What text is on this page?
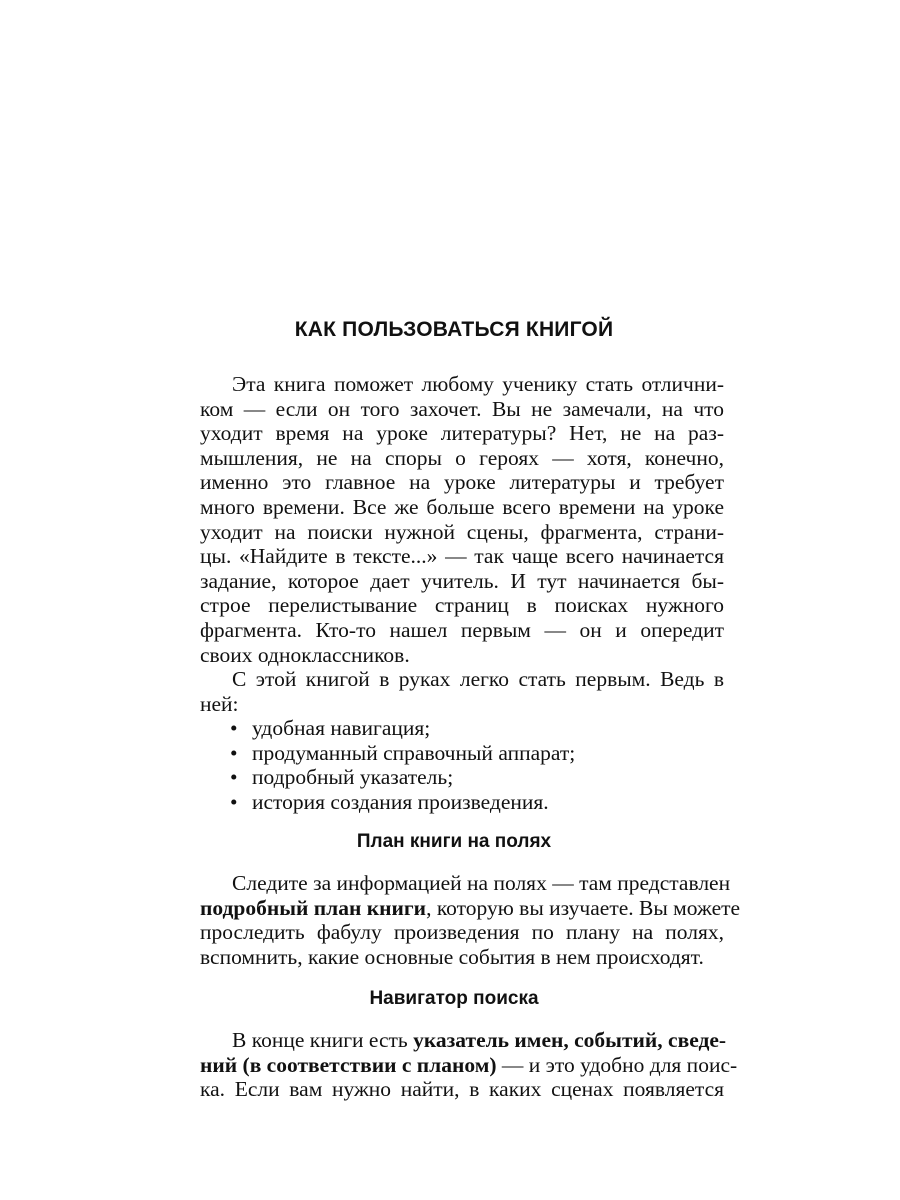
КАК ПОЛЬЗОВАТЬСЯ КНИГОЙ
Эта книга поможет любому ученику стать отлични-
ком — если он того захочет. Вы не замечали, на что
уходит время на уроке литературы? Нет, не на раз-
мышления, не на споры о героях — хотя, конечно,
именно это главное на уроке литературы и требует
много времени. Все же больше всего времени на уроке
уходит на поиски нужной сцены, фрагмента, страни-
цы. «Найдите в тексте...» — так чаще всего начинается
задание, которое дает учитель. И тут начинается бы-
строе перелистывание страниц в поисках нужного
фрагмента. Кто-то нашел первым — он и опередит
своих одноклассников.
С этой книгой в руках легко стать первым. Ведь в
ней:
• удобная навигация;
• продуманный справочный аппарат;
• подробный указатель;
• история создания произведения.
План книги на полях
Следите за информацией на полях — там представлен
подробный план книги, которую вы изучаете. Вы можете
проследить фабулу произведения по плану на полях,
вспомнить, какие основные события в нем происходят.
Навигатор поиска
В конце книги есть указатель имен, событий, сведе-
ний (в соответствии с планом) — и это удобно для поис-
ка. Если вам нужно найти, в каких сценах появляется
